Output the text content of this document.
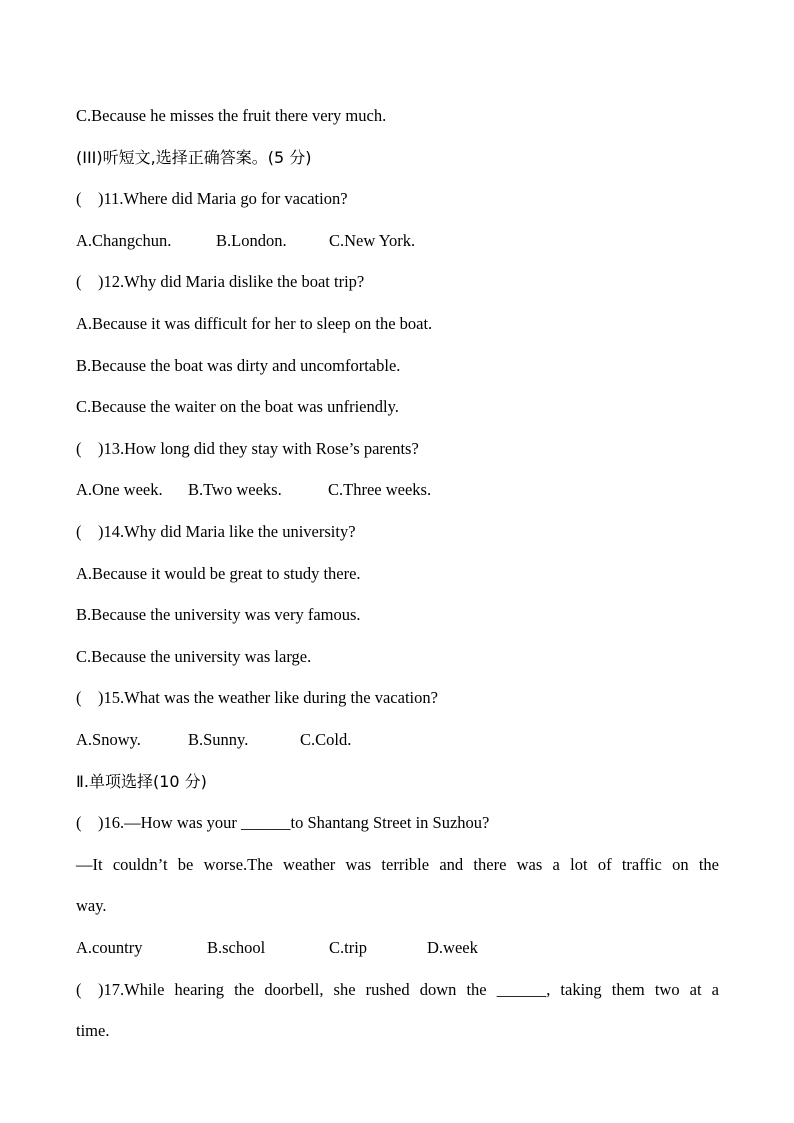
C.Because he misses the fruit there very much.
(III)听短文,选择正确答案。(5 分)
( )11.Where did Maria go for vacation?
A.Changchun.	B.London.	C.New York.
( )12.Why did Maria dislike the boat trip?
A.Because it was difficult for her to sleep on the boat.
B.Because the boat was dirty and uncomfortable.
C.Because the waiter on the boat was unfriendly.
( )13.How long did they stay with Rose’s parents?
A.One week. B.Two weeks.	C.Three weeks.
( )14.Why did Maria like the university?
A.Because it would be great to study there.
B.Because the university was very famous.
C.Because the university was large.
( )15.What was the weather like during the vacation?
A.Snowy.	B.Sunny.	C.Cold.
Ⅱ.单项选择(10 分)
( )16.—How was your ______to Shantang Street in Suzhou?
—It couldn’t be worse.The weather was terrible and there was a lot of traffic on the
way.
A.country	B.school	C.trip	D.week
( )17.While hearing the doorbell, she rushed down the ______, taking them two at a
time.
